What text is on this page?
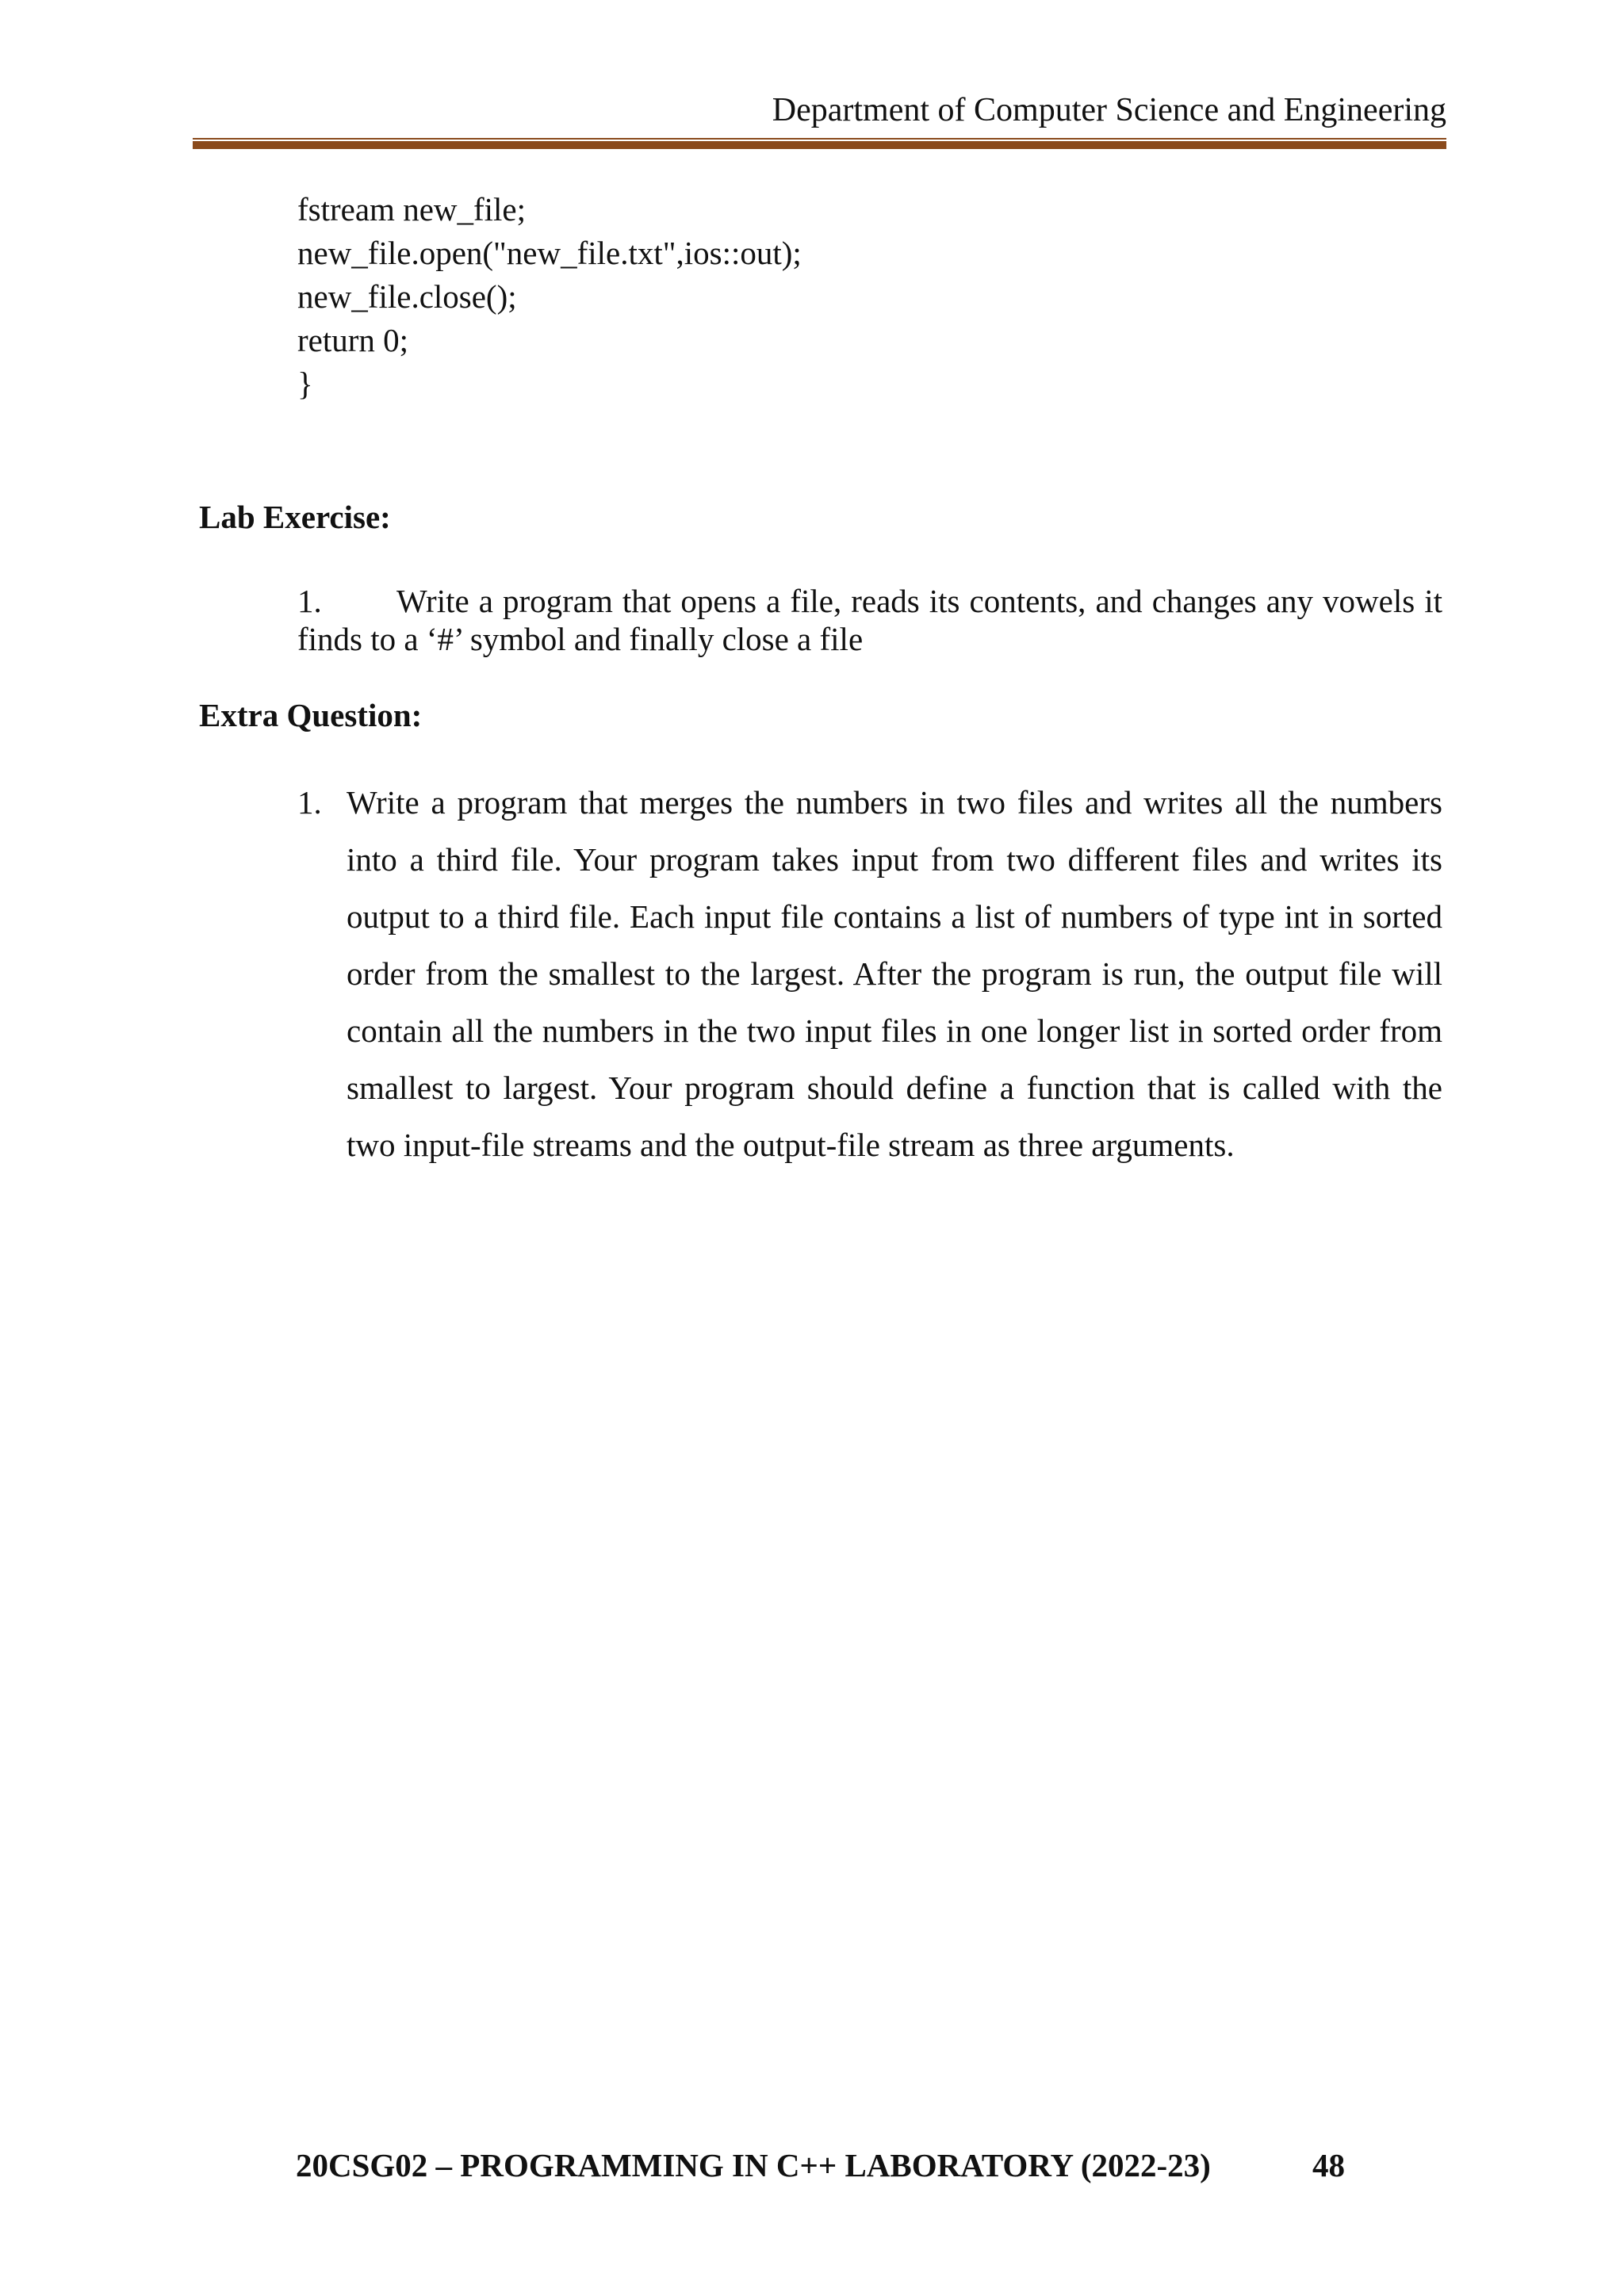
Department of Computer Science and Engineering
fstream new_file;
new_file.open("new_file.txt",ios::out);
new_file.close();
return 0;
}
Lab Exercise:
1.	Write a program that opens a file, reads its contents, and changes any vowels it
finds to a ‘#’ symbol and finally close a file
Extra Question:
1. Write a program that merges the numbers in two files and writes all the numbers into a third file. Your program takes input from two different files and writes its output to a third file. Each input file contains a list of numbers of type int in sorted order from the smallest to the largest. After the program is run, the output file will contain all the numbers in the two input files in one longer list in sorted order from smallest to largest. Your program should define a function that is called with the two input-file streams and the output-file stream as three arguments.
20CSG02 – PROGRAMMING IN C++ LABORATORY (2022-23)	48
